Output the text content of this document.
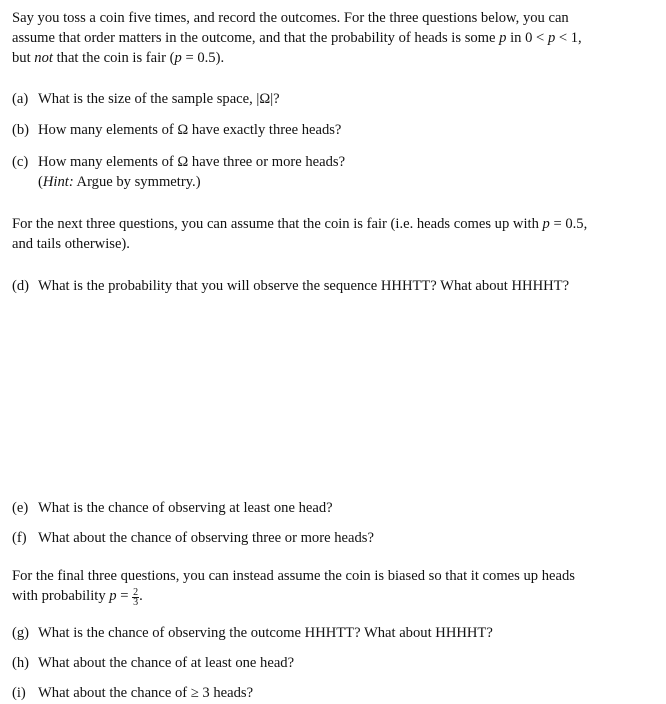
Say you toss a coin five times, and record the outcomes. For the three questions below, you can
assume that order matters in the outcome, and that the probability of heads is some p in 0 < p < 1,
but not that the coin is fair (p = 0.5).
(a) What is the size of the sample space, |Ω|?
(b) How many elements of Ω have exactly three heads?
(c) How many elements of Ω have three or more heads?
(Hint: Argue by symmetry.)
For the next three questions, you can assume that the coin is fair (i.e. heads comes up with p = 0.5,
and tails otherwise).
(d) What is the probability that you will observe the sequence HHHTT? What about HHHHT?
(e) What is the chance of observing at least one head?
(f) What about the chance of observing three or more heads?
For the final three questions, you can instead assume the coin is biased so that it comes up heads
with probability $p = \frac{2}{3}$ .
(g) What is the chance of observing the outcome HHHTT? What about HHHHT?
(h) What about the chance of at least one head?
(i) What about the chance of ≥ 3 heads?
